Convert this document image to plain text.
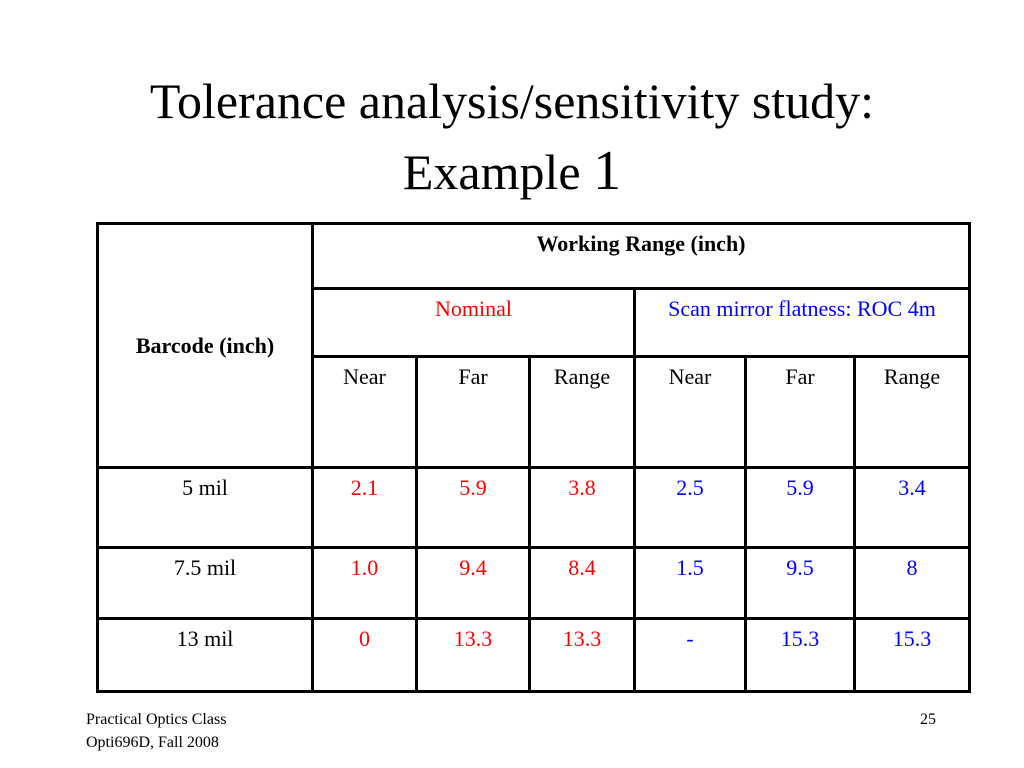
Tolerance analysis/sensitivity study:
Example 1
Barcode (inch)	Working Range (inch)					
	Nominal			Scan mirror flatness: ROC 4m		
	Near	Far	Range	Near	Far	Range
5 mil	2.1	5.9	3.8	2.5	5.9	3.4
7.5 mil	1.0	9.4	8.4	1.5	9.5	8
13 mil	0	13.3	13.3	-	15.3	15.3
Practical Optics Class
Opti696D, Fall 2008
25
